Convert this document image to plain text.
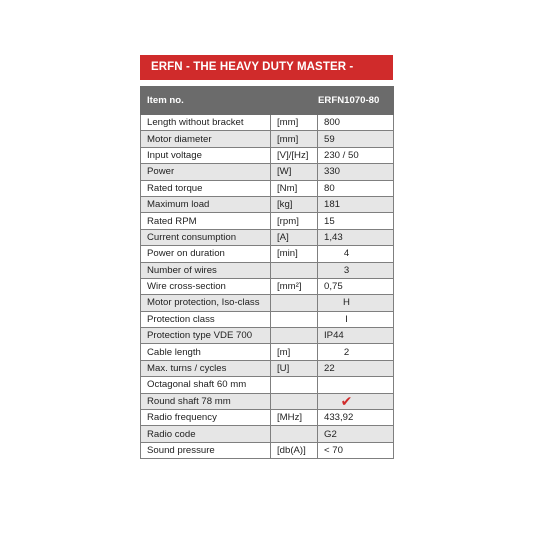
ERFN - THE HEAVY DUTY MASTER -
Item no.		ERFN1070-80
Length without bracket	[mm]	800
Motor diameter	[mm]	59
Input voltage	[V]/[Hz]	230 / 50
Power	[W]	330
Rated torque	[Nm]	80
Maximum load	[kg]	181
Rated RPM	[rpm]	15
Current consumption	[A]	1,43
Power on duration	[min]	4
Number of wires		3
Wire cross-section	[mm²]	0,75
Motor protection, Iso-class		H
Protection class		I
Protection type VDE 700		IP44
Cable length	[m]	2
Max. turns / cycles	[U]	22
Octagonal shaft 60 mm		
Round shaft 78 mm		✔
Radio frequency	[MHz]	433,92
Radio code		G2
Sound pressure	[db(A)]	< 70
